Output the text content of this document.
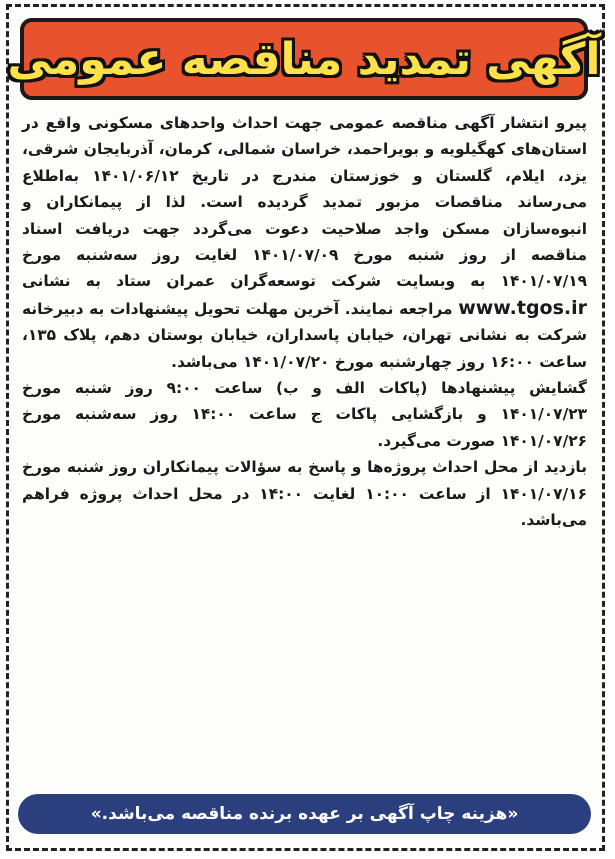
آگهی تمدید مناقصه عمومی

پیرو انتشار آگهی مناقصه عمومی جهت احداث واحدهای مسکونی واقع در استان‌های کهگیلویه و بویراحمد، خراسان شمالی، کرمان، آذربایجان شرقی، یزد، ایلام، گلستان و خوزستان مندرج در تاریخ ۱۴۰۱/۰۶/۱۲ به‌اطلاع می‌رساند مناقصات مزبور تمدید گردیده است. لذا از پیمانکاران و انبوه‌سازان مسکن واجد صلاحیت دعوت می‌گردد جهت دریافت اسناد مناقصه از روز شنبه مورخ ۱۴۰۱/۰۷/۰۹ لغایت روز سه‌شنبه مورخ ۱۴۰۱/۰۷/۱۹ به وبسایت شرکت توسعه‌گران عمران ستاد به نشانی www.tgos.ir مراجعه نمایند. آخرین مهلت تحویل پیشنهادات به دبیرخانه شرکت به نشانی تهران، خیابان پاسداران، خیابان بوستان دهم، پلاک ۱۳۵، ساعت ۱۶:۰۰ روز چهارشنبه مورخ ۱۴۰۱/۰۷/۲۰ می‌باشد.

گشایش پیشنهادها (پاکات الف و ب) ساعت ۹:۰۰ روز شنبه مورخ ۱۴۰۱/۰۷/۲۳ و بازگشایی پاکات ج ساعت ۱۴:۰۰ روز سه‌شنبه مورخ ۱۴۰۱/۰۷/۲۶ صورت می‌گیرد.

بازدید از محل احداث پروژه‌ها و پاسخ به سؤالات پیمانکاران روز شنبه مورخ ۱۴۰۱/۰۷/۱۶ از ساعت ۱۰:۰۰ لغایت ۱۴:۰۰ در محل احداث پروژه فراهم می‌باشد.

«هزینه چاپ آگهی بر عهده برنده مناقصه می‌باشد.»
